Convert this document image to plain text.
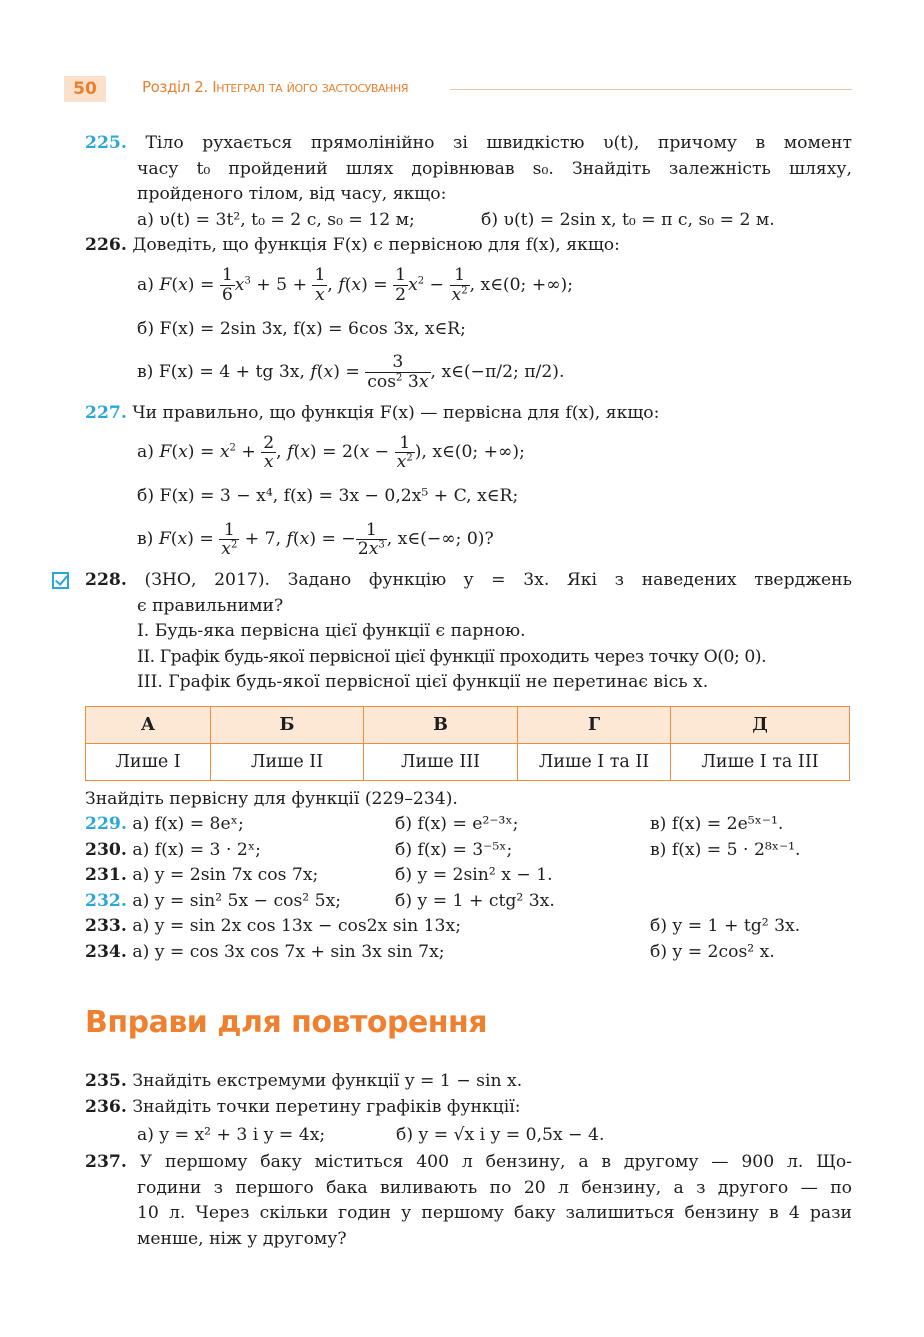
50	Розділ 2. Інтеграл та його застосування
225. Тіло рухається прямолінійно зі швидкістю υ(t), причому в момент
часу t₀ пройдений шлях дорівнював s₀. Знайдіть залежність шляху,
пройденого тілом, від часу, якщо:
а) υ(t) = 3t², t₀ = 2 с, s₀ = 12 м;	б) υ(t) = 2sin x, t₀ = π с, s₀ = 2 м.
226. Доведіть, що функція F(x) є первісною для f(x), якщо:
а) $F(x) = \frac{1}{6} x^3 + 5 + \frac{1}{x}$ , $f(x) = \frac{1}{2} x^2 - \frac{1}{x^2}$ , x∈(0; +∞);
б) F(x) = 2sin 3x, f(x) = 6cos 3x, x∈R;
в) F(x) = 4 + tg 3x, $f(x) = \frac{3}{\cos^2 3x}$ , x∈(−π/2; π/2).
227. Чи правильно, що функція F(x) — первісна для f(x), якщо:
а) $F(x) = x^2 + \frac{2}{x}$ , $f(x) = 2(x - \frac{1}{x^2}$ ), x∈(0; +∞);
б) F(x) = 3 − x⁴, f(x) = 3x − 0,2x⁵ + C, x∈R;
в) $F(x) = \frac{1}{x^2} + 7$, f(x) = − $\frac{1}{2x^3}$ , x∈(−∞; 0)?
228. (ЗНО, 2017). Задано функцію y = 3x. Які з наведених тверджень
є правильними?
I. Будь-яка первісна цієї функції є парною.
II. Графік будь-якої первісної цієї функції проходить через точку O(0; 0).
III. Графік будь-якої первісної цієї функції не перетинає вісь x.
А	Б	В	Г	Д
Лише I	Лише II	Лише III	Лише I та II	Лише I та III
Знайдіть первісну для функції (229–234).
229. а) f(x) = 8eˣ;	б) f(x) = e²⁻³ˣ;	в) f(x) = 2e⁵ˣ⁻¹.
230. а) f(x) = 3 · 2ˣ;	б) f(x) = 3⁻⁵ˣ;	в) f(x) = 5 · 2⁸ˣ⁻¹.
231. а) y = 2sin 7x cos 7x;	б) y = 2sin² x − 1.
232. а) y = sin² 5x − cos² 5x;	б) y = 1 + ctg² 3x.
233. а) y = sin 2x cos 13x − cos2x sin 13x;	б) y = 1 + tg² 3x.
234. а) y = cos 3x cos 7x + sin 3x sin 7x;	б) y = 2cos² x.
Вправи для повторення
235. Знайдіть екстремуми функції y = 1 − sin x.
236. Знайдіть точки перетину графіків функції:
а) y = x² + 3 і y = 4x;	б) y = √x і y = 0,5x − 4.
237. У першому баку міститься 400 л бензину, а в другому — 900 л. Що-
години з першого бака виливають по 20 л бензину, а з другого — по
10 л. Через скільки годин у першому баку залишиться бензину в 4 рази
менше, ніж у другому?
